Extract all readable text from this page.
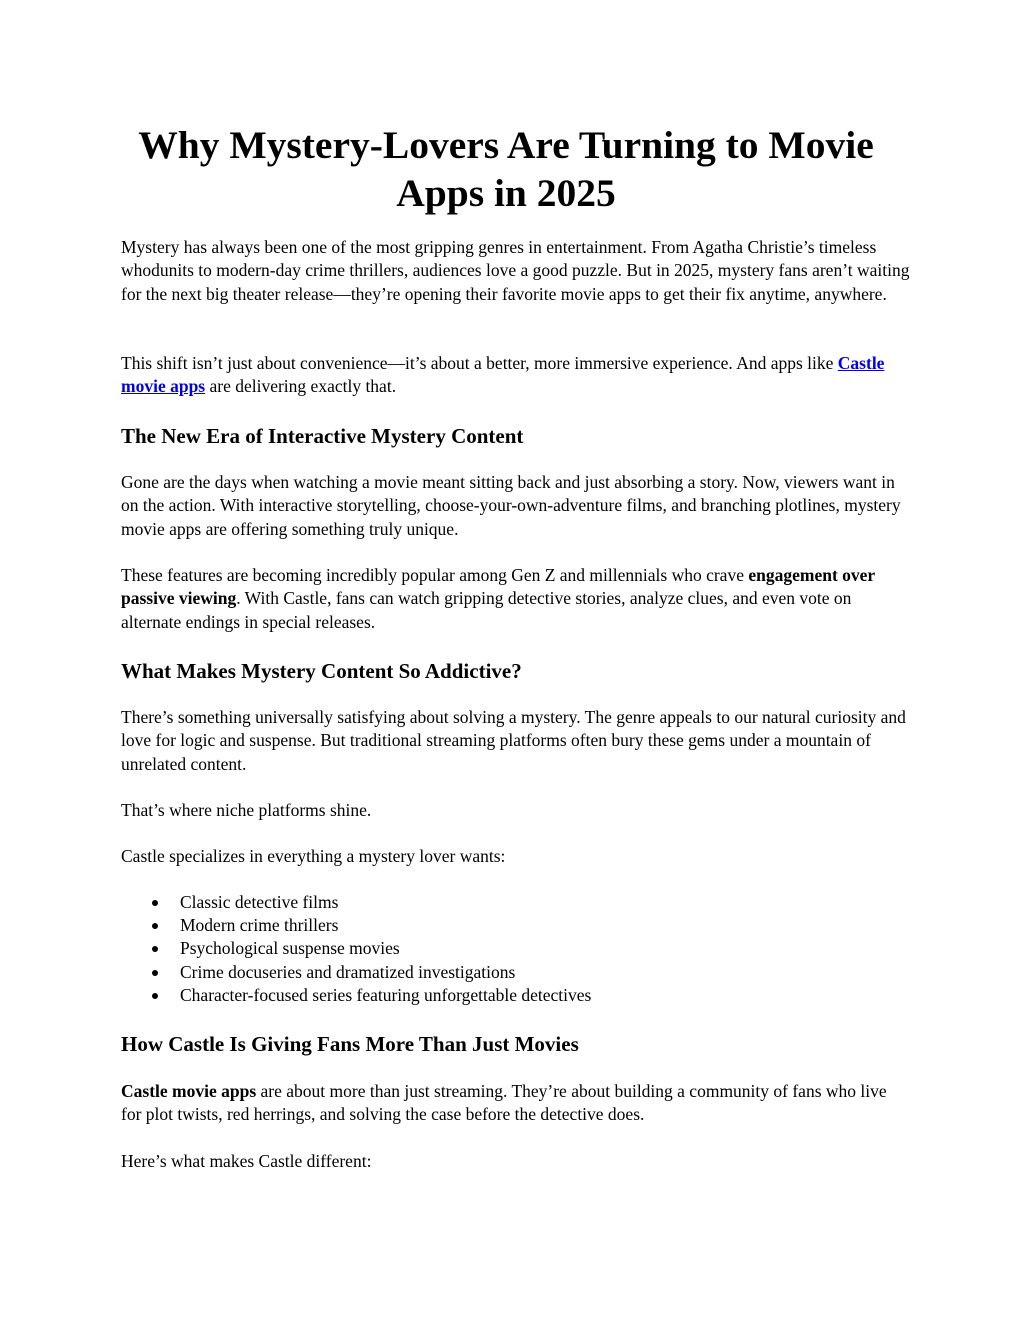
Why Mystery-Lovers Are Turning to Movie Apps in 2025

Mystery has always been one of the most gripping genres in entertainment. From Agatha Christie’s timeless whodunits to modern-day crime thrillers, audiences love a good puzzle. But in 2025, mystery fans aren’t waiting for the next big theater release—they’re opening their favorite movie apps to get their fix anytime, anywhere.

This shift isn’t just about convenience—it’s about a better, more immersive experience. And apps like Castle movie apps are delivering exactly that.

The New Era of Interactive Mystery Content

Gone are the days when watching a movie meant sitting back and just absorbing a story. Now, viewers want in on the action. With interactive storytelling, choose-your-own-adventure films, and branching plotlines, mystery movie apps are offering something truly unique.

These features are becoming incredibly popular among Gen Z and millennials who crave engagement over passive viewing. With Castle, fans can watch gripping detective stories, analyze clues, and even vote on alternate endings in special releases.

What Makes Mystery Content So Addictive?

There’s something universally satisfying about solving a mystery. The genre appeals to our natural curiosity and love for logic and suspense. But traditional streaming platforms often bury these gems under a mountain of unrelated content.

That’s where niche platforms shine.

Castle specializes in everything a mystery lover wants:

Classic detective films
Modern crime thrillers
Psychological suspense movies
Crime docuseries and dramatized investigations
Character-focused series featuring unforgettable detectives
How Castle Is Giving Fans More Than Just Movies

Castle movie apps are about more than just streaming. They’re about building a community of fans who live for plot twists, red herrings, and solving the case before the detective does.

Here’s what makes Castle different:
